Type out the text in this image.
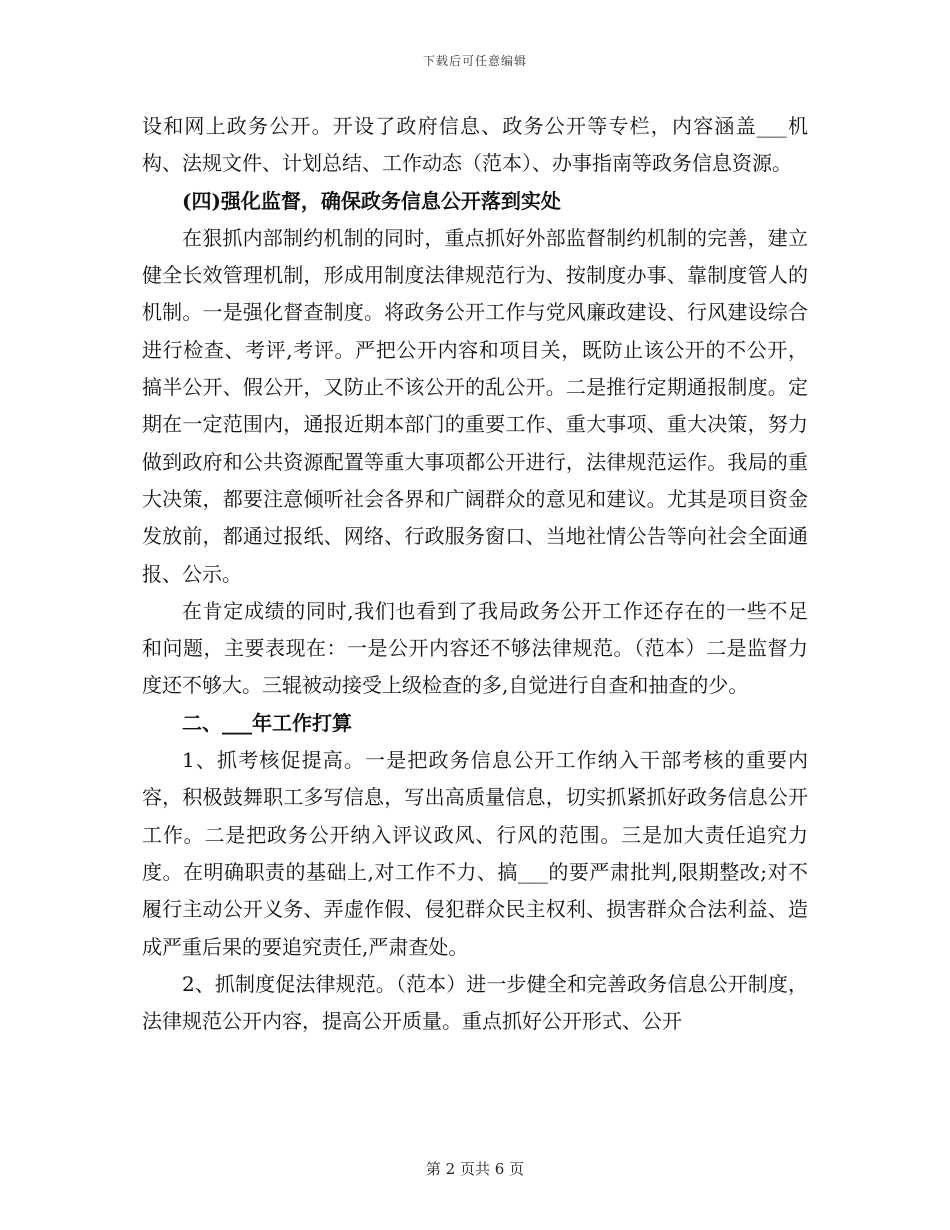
下载后可任意编辑

设和网上政务公开。开设了政府信息、政务公开等专栏，内容涵盖___机构、法规文件、计划总结、工作动态（范本）、办事指南等政务信息资源。

(四)强化监督，确保政务信息公开落到实处

在狠抓内部制约机制的同时，重点抓好外部监督制约机制的完善，建立健全长效管理机制，形成用制度法律规范行为、按制度办事、靠制度管人的机制。一是强化督查制度。将政务公开工作与党风廉政建设、行风建设综合进行检查、考评,考评。严把公开内容和项目关，既防止该公开的不公开，搞半公开、假公开，又防止不该公开的乱公开。二是推行定期通报制度。定期在一定范围内，通报近期本部门的重要工作、重大事项、重大决策，努力做到政府和公共资源配置等重大事项都公开进行，法律规范运作。我局的重大决策，都要注意倾听社会各界和广阔群众的意见和建议。尤其是项目资金发放前，都通过报纸、网络、行政服务窗口、当地社情公告等向社会全面通报、公示。

在肯定成绩的同时,我们也看到了我局政务公开工作还存在的一些不足和问题，主要表现在：一是公开内容还不够法律规范。（范本）二是监督力度还不够大。三辊被动接受上级检查的多,自觉进行自查和抽查的少。

二、___年工作打算

1、抓考核促提高。一是把政务信息公开工作纳入干部考核的重要内容，积极鼓舞职工多写信息，写出高质量信息，切实抓紧抓好政务信息公开工作。二是把政务公开纳入评议政风、行风的范围。三是加大责任追究力度。在明确职责的基础上,对工作不力、搞___的要严肃批判,限期整改;对不履行主动公开义务、弄虚作假、侵犯群众民主权利、损害群众合法利益、造成严重后果的要追究责任,严肃查处。

2、抓制度促法律规范。（范本）进一步健全和完善政务信息公开制度，法律规范公开内容，提高公开质量。重点抓好公开形式、公开

第 2 页共 6 页
